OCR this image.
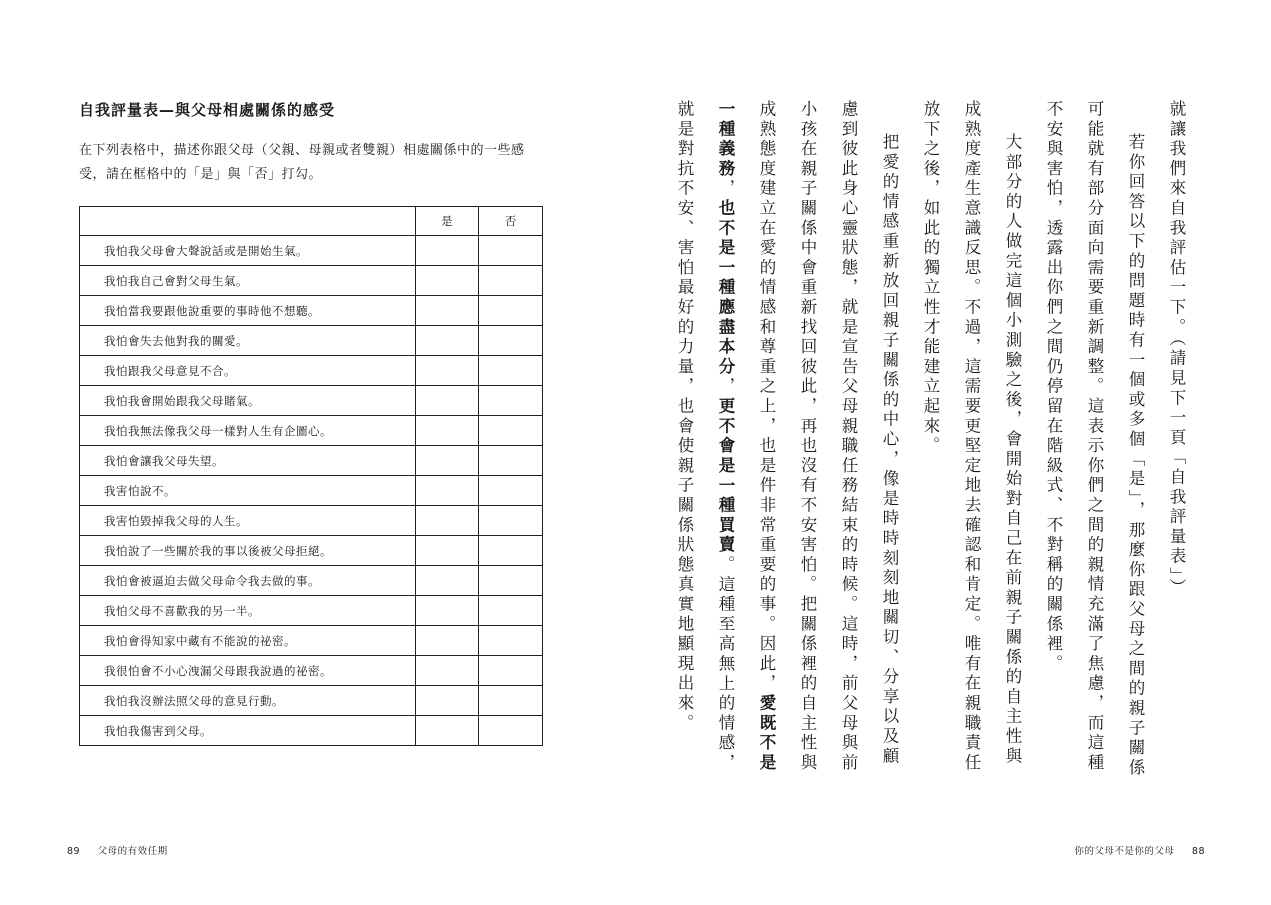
自我評量表—與父母相處關係的感受

在下列表格中，描述你跟父母（父親、母親或者雙親）相處關係中的一些感受，請在框格中的「是」與「否」打勾。

	是	否
我怕我父母會大聲說話或是開始生氣。		
我怕我自己會對父母生氣。		
我怕當我要跟他說重要的事時他不想聽。		
我怕會失去他對我的關愛。		
我怕跟我父母意見不合。		
我怕我會開始跟我父母賭氣。		
我怕我無法像我父母一樣對人生有企圖心。		
我怕會讓我父母失望。		
我害怕說不。		
我害怕毀掉我父母的人生。		
我怕說了一些關於我的事以後被父母拒絕。		
我怕會被逼迫去做父母命令我去做的事。		
我怕父母不喜歡我的另一半。		
我怕會得知家中藏有不能說的祕密。		
我很怕會不小心洩漏父母跟我說過的祕密。		
我怕我沒辦法照父母的意見行動。		
我怕我傷害到父母。		
89 父母的有效任期

就讓我們來自我評估一下。（請見下一頁「自我評量表」）

若你回答以下的問題時有一個或多個「是」，那麼你跟父母之間的親子關係可能就有部分面向需要重新調整。這表示你們之間的親情充滿了焦慮，而這種不安與害怕，透露出你們之間仍停留在階級式、不對稱的關係裡。

大部分的人做完這個小測驗之後，會開始對自己在前親子關係的自主性與成熟度產生意識反思。不過，這需要更堅定地去確認和肯定。唯有在親職責任放下之後，如此的獨立性才能建立起來。

把愛的情感重新放回親子關係的中心，像是時時刻刻地關切、分享以及顧慮到彼此身心靈狀態，就是宣告父母親職任務結束的時候。這時，前父母與前小孩在親子關係中會重新找回彼此，再也沒有不安害怕。把關係裡的自主性與成熟態度建立在愛的情感和尊重之上，也是件非常重要的事。因此，愛既不是一種義務，也不是一種應盡本分，更不會是一種買賣。這種至高無上的情感，就是對抗不安、害怕最好的力量，也會使親子關係狀態真實地顯現出來。

你的父母不是你的父母 88
